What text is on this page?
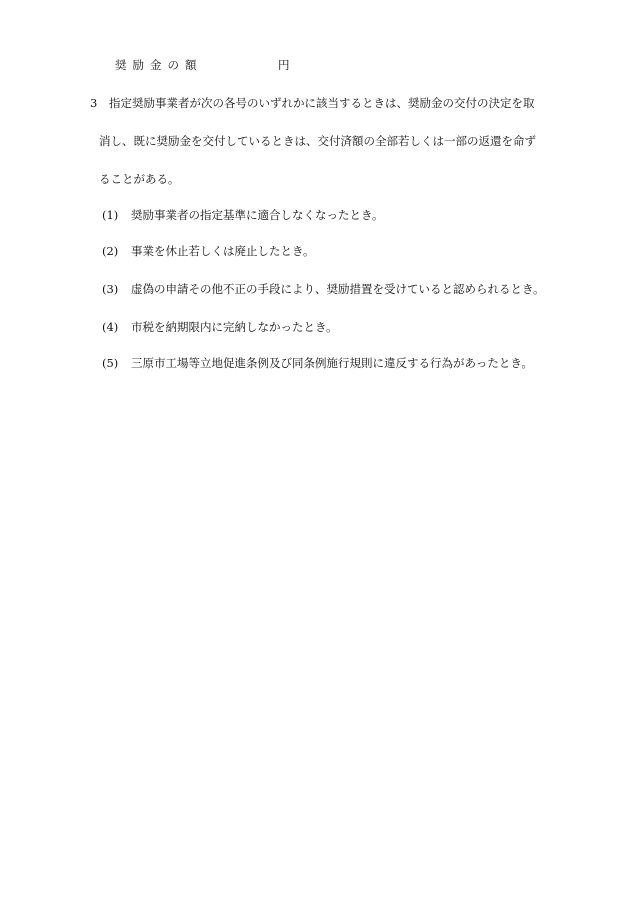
奨励金の額	円
3 指定奨励事業者が次の各号のいずれかに該当するときは、奨励金の交付の決定を取
消し、既に奨励金を交付しているときは、交付済額の全部若しくは一部の返還を命ず
ることがある。
(1) 奨励事業者の指定基準に適合しなくなったとき。
(2) 事業を休止若しくは廃止したとき。
(3) 虚偽の申請その他不正の手段により、奨励措置を受けていると認められるとき。
(4) 市税を納期限内に完納しなかったとき。
(5) 三原市工場等立地促進条例及び同条例施行規則に違反する行為があったとき。
